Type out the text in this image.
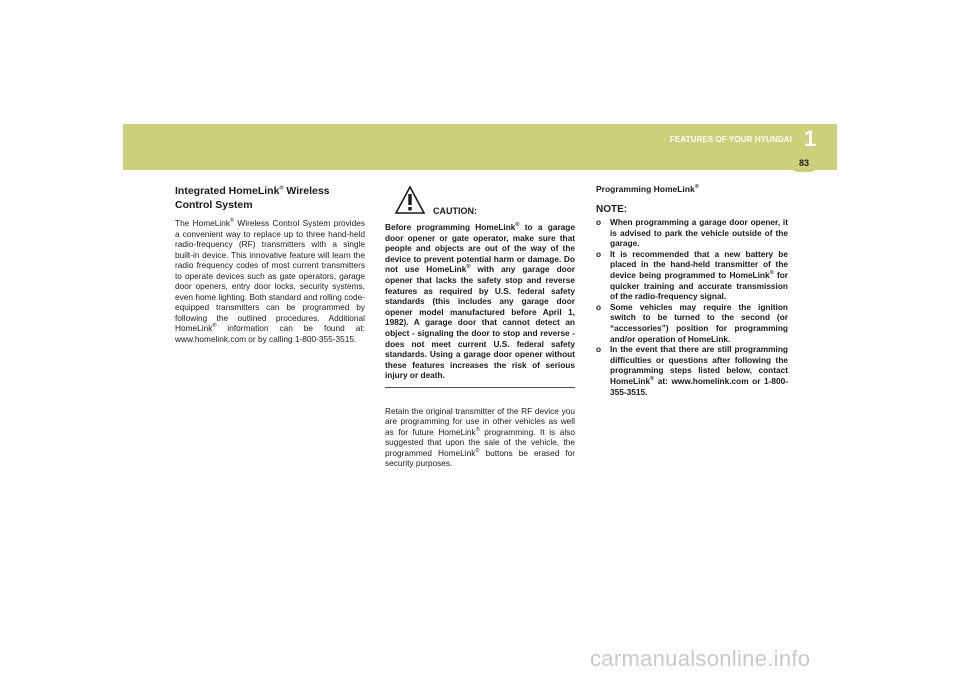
1
FEATURES OF YOUR HYUNDAI
83

Integrated HomeLink® Wireless Control System

The HomeLink® Wireless Control System provides a convenient way to replace up to three hand-held radio-frequency (RF) transmitters with a single built-in device. This innovative feature will learn the radio frequency codes of most current transmitters to operate devices such as gate operators, garage door openers, entry door locks, security systems, even home lighting. Both standard and rolling code-equipped transmitters can be programmed by following the outlined procedures. Additional HomeLink® information can be found at: www.homelink.com or by calling 1-800-355-3515.

CAUTION:

Before programming HomeLink® to a garage door opener or gate operator, make sure that people and objects are out of the way of the device to prevent potential harm or damage. Do not use HomeLink® with any garage door opener that lacks the safety stop and reverse features as required by U.S. federal safety standards (this includes any garage door opener model manufactured before April 1, 1982). A garage door that cannot detect an object - signaling the door to stop and reverse - does not meet current U.S. federal safety standards. Using a garage door opener without these features increases the risk of serious injury or death.

Retain the original transmitter of the RF device you are programming for use in other vehicles as well as for future HomeLink® programming. It is also suggested that upon the sale of the vehicle, the programmed HomeLink® buttons be erased for security purposes.

Programming HomeLink®

NOTE:

o When programming a garage door opener, it is advised to park the vehicle outside of the garage.
o It is recommended that a new battery be placed in the hand-held transmitter of the device being programmed to HomeLink® for quicker training and accurate transmission of the radio-frequency signal.
o Some vehicles may require the ignition switch to be turned to the second (or “accessories”) position for programming and/or operation of HomeLink.
o In the event that there are still programming difficulties or questions after following the programming steps listed below, contact HomeLink® at: www.homelink.com or 1-800-355-3515.
carmanualsonline.info
